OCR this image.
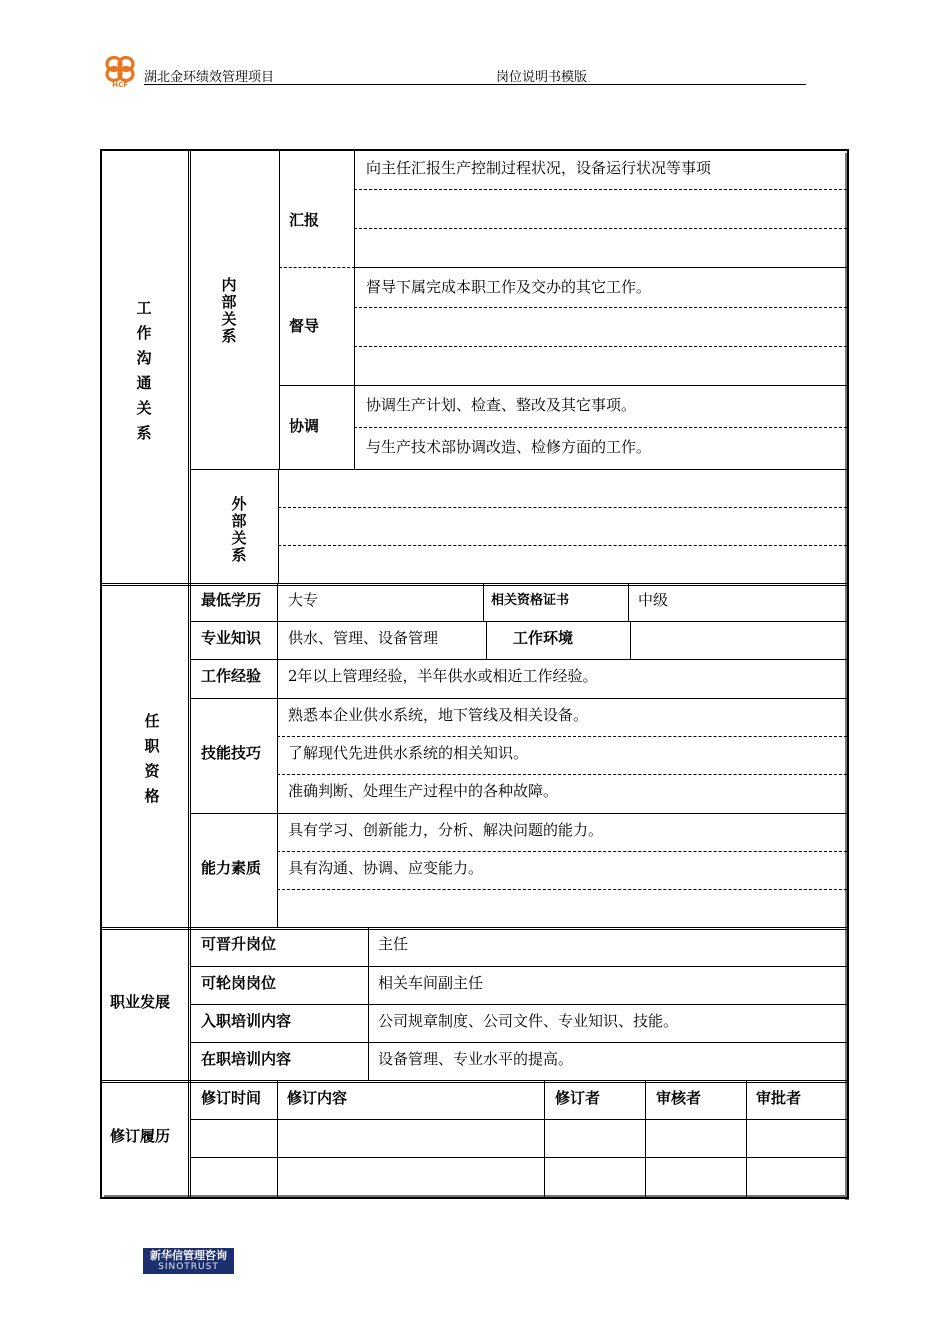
HCF 湖北金环绩效管理项目	岗位说明书模版
工作沟通关系
内部关系
汇报
向主任汇报生产控制过程状况，设备运行状况等事项
督导
督导下属完成本职工作及交办的其它工作。
协调
协调生产计划、检查、整改及其它事项。
与生产技术部协调改造、检修方面的工作。
外部关系
任职资格
最低学历 大专	相关资格证书	中级
专业知识 供水、管理、设备管理	工作环境
工作经验 2年以上管理经验，半年供水或相近工作经验。
技能技巧
熟悉本企业供水系统，地下管线及相关设备。
了解现代先进供水系统的相关知识。
准确判断、处理生产过程中的各种故障。
能力素质
具有学习、创新能力，分析、解决问题的能力。
具有沟通、协调、应变能力。
职业发展
可晋升岗位	主任
可轮岗岗位	相关车间副主任
入职培训内容	公司规章制度、公司文件、专业知识、技能。
在职培训内容	设备管理、专业水平的提高。
修订履历
修订时间 修订内容	修订者	审核者	审批者
新华信管理咨询
SINOTRUST
